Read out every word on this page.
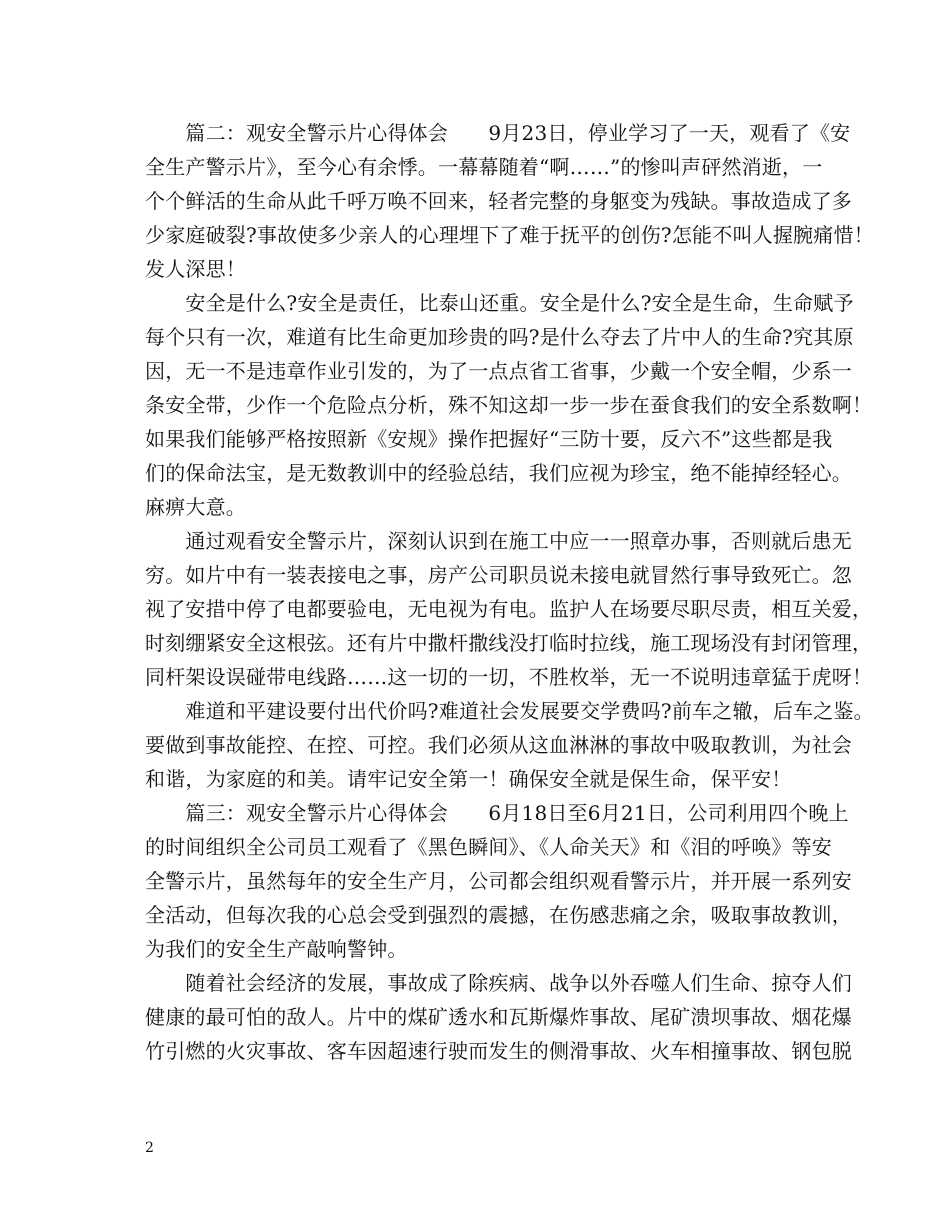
　　篇二：观安全警示片心得体会　　9月23日，停业学习了一天，观看了《安
全生产警示片》，至今心有余悸。一幕幕随着“啊……”的惨叫声砰然消逝，一
个个鲜活的生命从此千呼万唤不回来，轻者完整的身躯变为残缺。事故造成了多
少家庭破裂?事故使多少亲人的心理埋下了难于抚平的创伤?怎能不叫人握腕痛惜！
发人深思！
　　安全是什么?安全是责任，比泰山还重。安全是什么?安全是生命，生命赋予
每个只有一次，难道有比生命更加珍贵的吗?是什么夺去了片中人的生命?究其原
因，无一不是违章作业引发的，为了一点点省工省事，少戴一个安全帽，少系一
条安全带，少作一个危险点分析，殊不知这却一步一步在蚕食我们的安全系数啊！
如果我们能够严格按照新《安规》操作把握好“三防十要，反六不”这些都是我
们的保命法宝，是无数教训中的经验总结，我们应视为珍宝，绝不能掉经轻心。
麻痹大意。
　　通过观看安全警示片，深刻认识到在施工中应一一照章办事，否则就后患无
穷。如片中有一装表接电之事，房产公司职员说未接电就冒然行事导致死亡。忽
视了安措中停了电都要验电，无电视为有电。监护人在场要尽职尽责，相互关爱，
时刻绷紧安全这根弦。还有片中撒杆撒线没打临时拉线，施工现场没有封闭管理，
同杆架设误碰带电线路……这一切的一切，不胜枚举，无一不说明违章猛于虎呀！
　　难道和平建设要付出代价吗?难道社会发展要交学费吗?前车之辙，后车之鉴。
要做到事故能控、在控、可控。我们必须从这血淋淋的事故中吸取教训，为社会
和谐，为家庭的和美。请牢记安全第一！确保安全就是保生命，保平安！
　　篇三：观安全警示片心得体会　　6月18日至6月21日，公司利用四个晚上
的时间组织全公司员工观看了《黑色瞬间》、《人命关天》和《泪的呼唤》等安
全警示片，虽然每年的安全生产月，公司都会组织观看警示片，并开展一系列安
全活动，但每次我的心总会受到强烈的震撼，在伤感悲痛之余，吸取事故教训，
为我们的安全生产敲响警钟。
　　随着社会经济的发展，事故成了除疾病、战争以外吞噬人们生命、掠夺人们
健康的最可怕的敌人。片中的煤矿透水和瓦斯爆炸事故、尾矿溃坝事故、烟花爆
竹引燃的火灾事故、客车因超速行驶而发生的侧滑事故、火车相撞事故、钢包脱
2
